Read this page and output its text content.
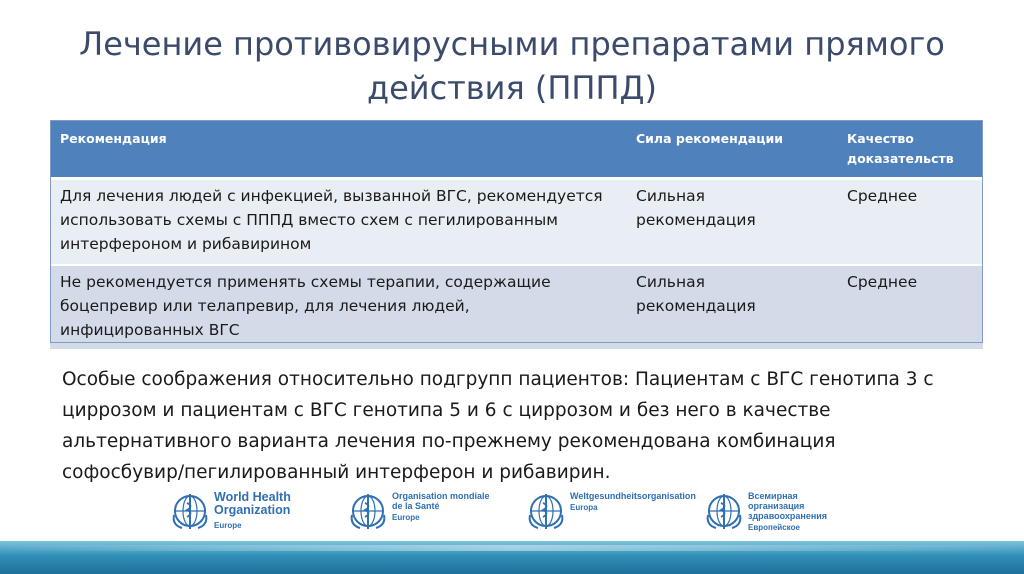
Лечение противовирусными препаратами прямого
действия (ПППД)
Рекомендация	Сила рекомендации	Качество доказательств
Для лечения людей с инфекцией, вызванной ВГС, рекомендуется использовать схемы с ПППД вместо схем с пегилированным интерфероном и рибавирином	Сильная рекомендация	Среднее
Не рекомендуется применять схемы терапии, содержащие боцепревир или телапревир, для лечения людей, инфицированных ВГС	Сильная рекомендация	Среднее
Особые соображения относительно подгрупп пациентов: Пациентам с ВГС генотипа 3 с циррозом и пациентам с ВГС генотипа 5 и 6 с циррозом и без него в качестве альтернативного варианта лечения по-прежнему рекомендована комбинация софосбувир/пегилированный интерферон и рибавирин.
World Health Organization
Europe
Organisation mondiale de la Santé
Europe
Weltgesundheitsorganisation
Europa
Всемирная организация здравоохранения
Европейское
